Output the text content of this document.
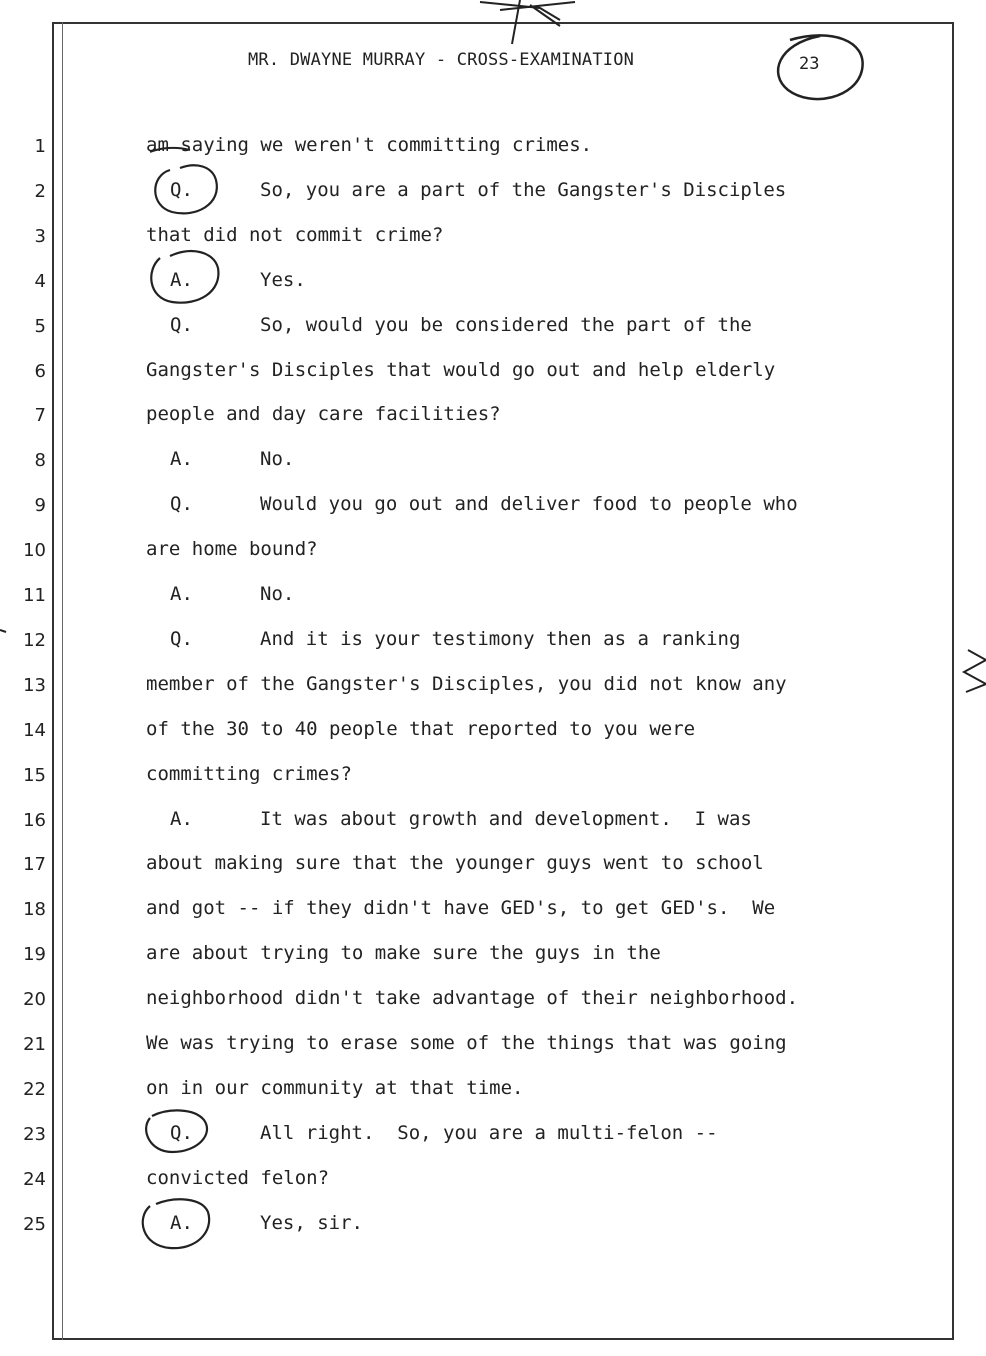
MR. DWAYNE MURRAY - CROSS-EXAMINATION	23
1	am saying we weren't committing crimes.
2	Q.	So, you are a part of the Gangster's Disciples
3	that did not commit crime?
4	A.	Yes.
5	Q.	So, would you be considered the part of the
6	Gangster's Disciples that would go out and help elderly
7	people and day care facilities?
8	A.	No.
9	Q.	Would you go out and deliver food to people who
10	are home bound?
11	A.	No.
12	Q.	And it is your testimony then as a ranking
13	member of the Gangster's Disciples, you did not know any
14	of the 30 to 40 people that reported to you were
15	committing crimes?
16	A.	It was about growth and development.  I was
17	about making sure that the younger guys went to school
18	and got -- if they didn't have GED's, to get GED's.  We
19	are about trying to make sure the guys in the
20	neighborhood didn't take advantage of their neighborhood.
21	We was trying to erase some of the things that was going
22	on in our community at that time.
23	Q.	All right.  So, you are a multi-felon --
24	convicted felon?
25	A.	Yes, sir.
